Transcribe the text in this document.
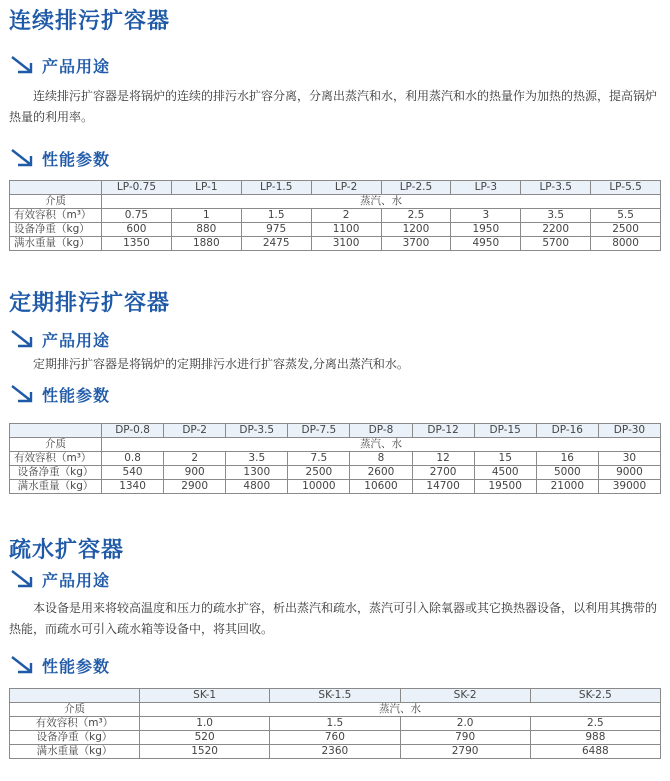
连续排污扩容器
产品用途

连续排污扩容器是将锅炉的连续的排污水扩容分离，分离出蒸汽和水，利用蒸汽和水的热量作为加热的热源，提高锅炉热量的利用率。

性能参数
	LP-0.75	LP-1	LP-1.5	LP-2	LP-2.5	LP-3	LP-3.5	LP-5.5
介质	蒸汽、水							
有效容积（m³）	0.75	1	1.5	2	2.5	3	3.5	5.5
设备净重（kg）	600	880	975	1100	1200	1950	2200	2500
满水重量（kg）	1350	1880	2475	3100	3700	4950	5700	8000
定期排污扩容器
产品用途

定期排污扩容器是将锅炉的定期排污水进行扩容蒸发,分离出蒸汽和水。

性能参数
	DP-0.8	DP-2	DP-3.5	DP-7.5	DP-8	DP-12	DP-15	DP-16	DP-30
介质	蒸汽、水								
有效容积（m³）	0.8	2	3.5	7.5	8	12	15	16	30
设备净重（kg）	540	900	1300	2500	2600	2700	4500	5000	9000
满水重量（kg）	1340	2900	4800	10000	10600	14700	19500	21000	39000
疏水扩容器
产品用途

本设备是用来将较高温度和压力的疏水扩容，析出蒸汽和疏水，蒸汽可引入除氧器或其它换热器设备，以利用其携带的热能，而疏水可引入疏水箱等设备中，将其回收。

性能参数
	SK-1	SK-1.5	SK-2	SK-2.5
介质	蒸汽、水			
有效容积（m³）	1.0	1.5	2.0	2.5
设备净重（kg）	520	760	790	988
满水重量（kg）	1520	2360	2790	6488
